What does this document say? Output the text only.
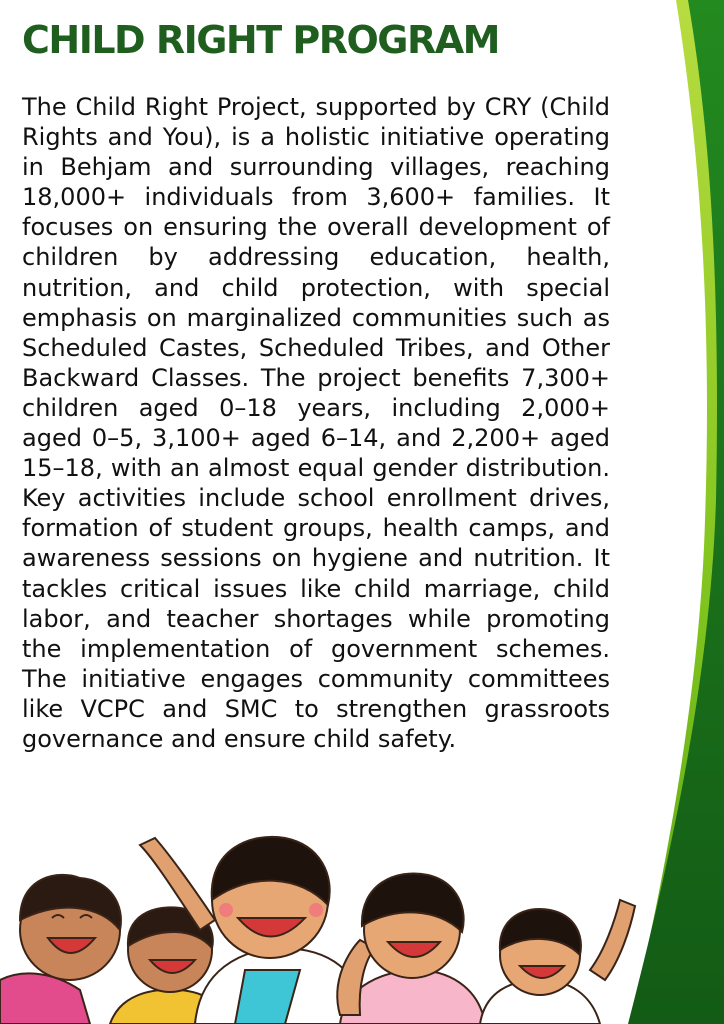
CHILD RIGHT PROGRAM

The Child Right Project, supported by CRY (Child Rights and You), is a holistic initiative operating in Behjam and surrounding villages, reaching 18,000+ individuals from 3,600+ families. It focuses on ensuring the overall development of children by addressing education, health, nutrition, and child protection, with special emphasis on marginalized communities such as Scheduled Castes, Scheduled Tribes, and Other Backward Classes. The project benefits 7,300+ children aged 0–18 years, including 2,000+ aged 0–5, 3,100+ aged 6–14, and 2,200+ aged 15–18, with an almost equal gender distribution. Key activities include school enrollment drives, formation of student groups, health camps, and awareness sessions on hygiene and nutrition. It tackles critical issues like child marriage, child labor, and teacher shortages while promoting the implementation of government schemes. The initiative engages community committees like VCPC and SMC to strengthen grassroots governance and ensure child safety.
